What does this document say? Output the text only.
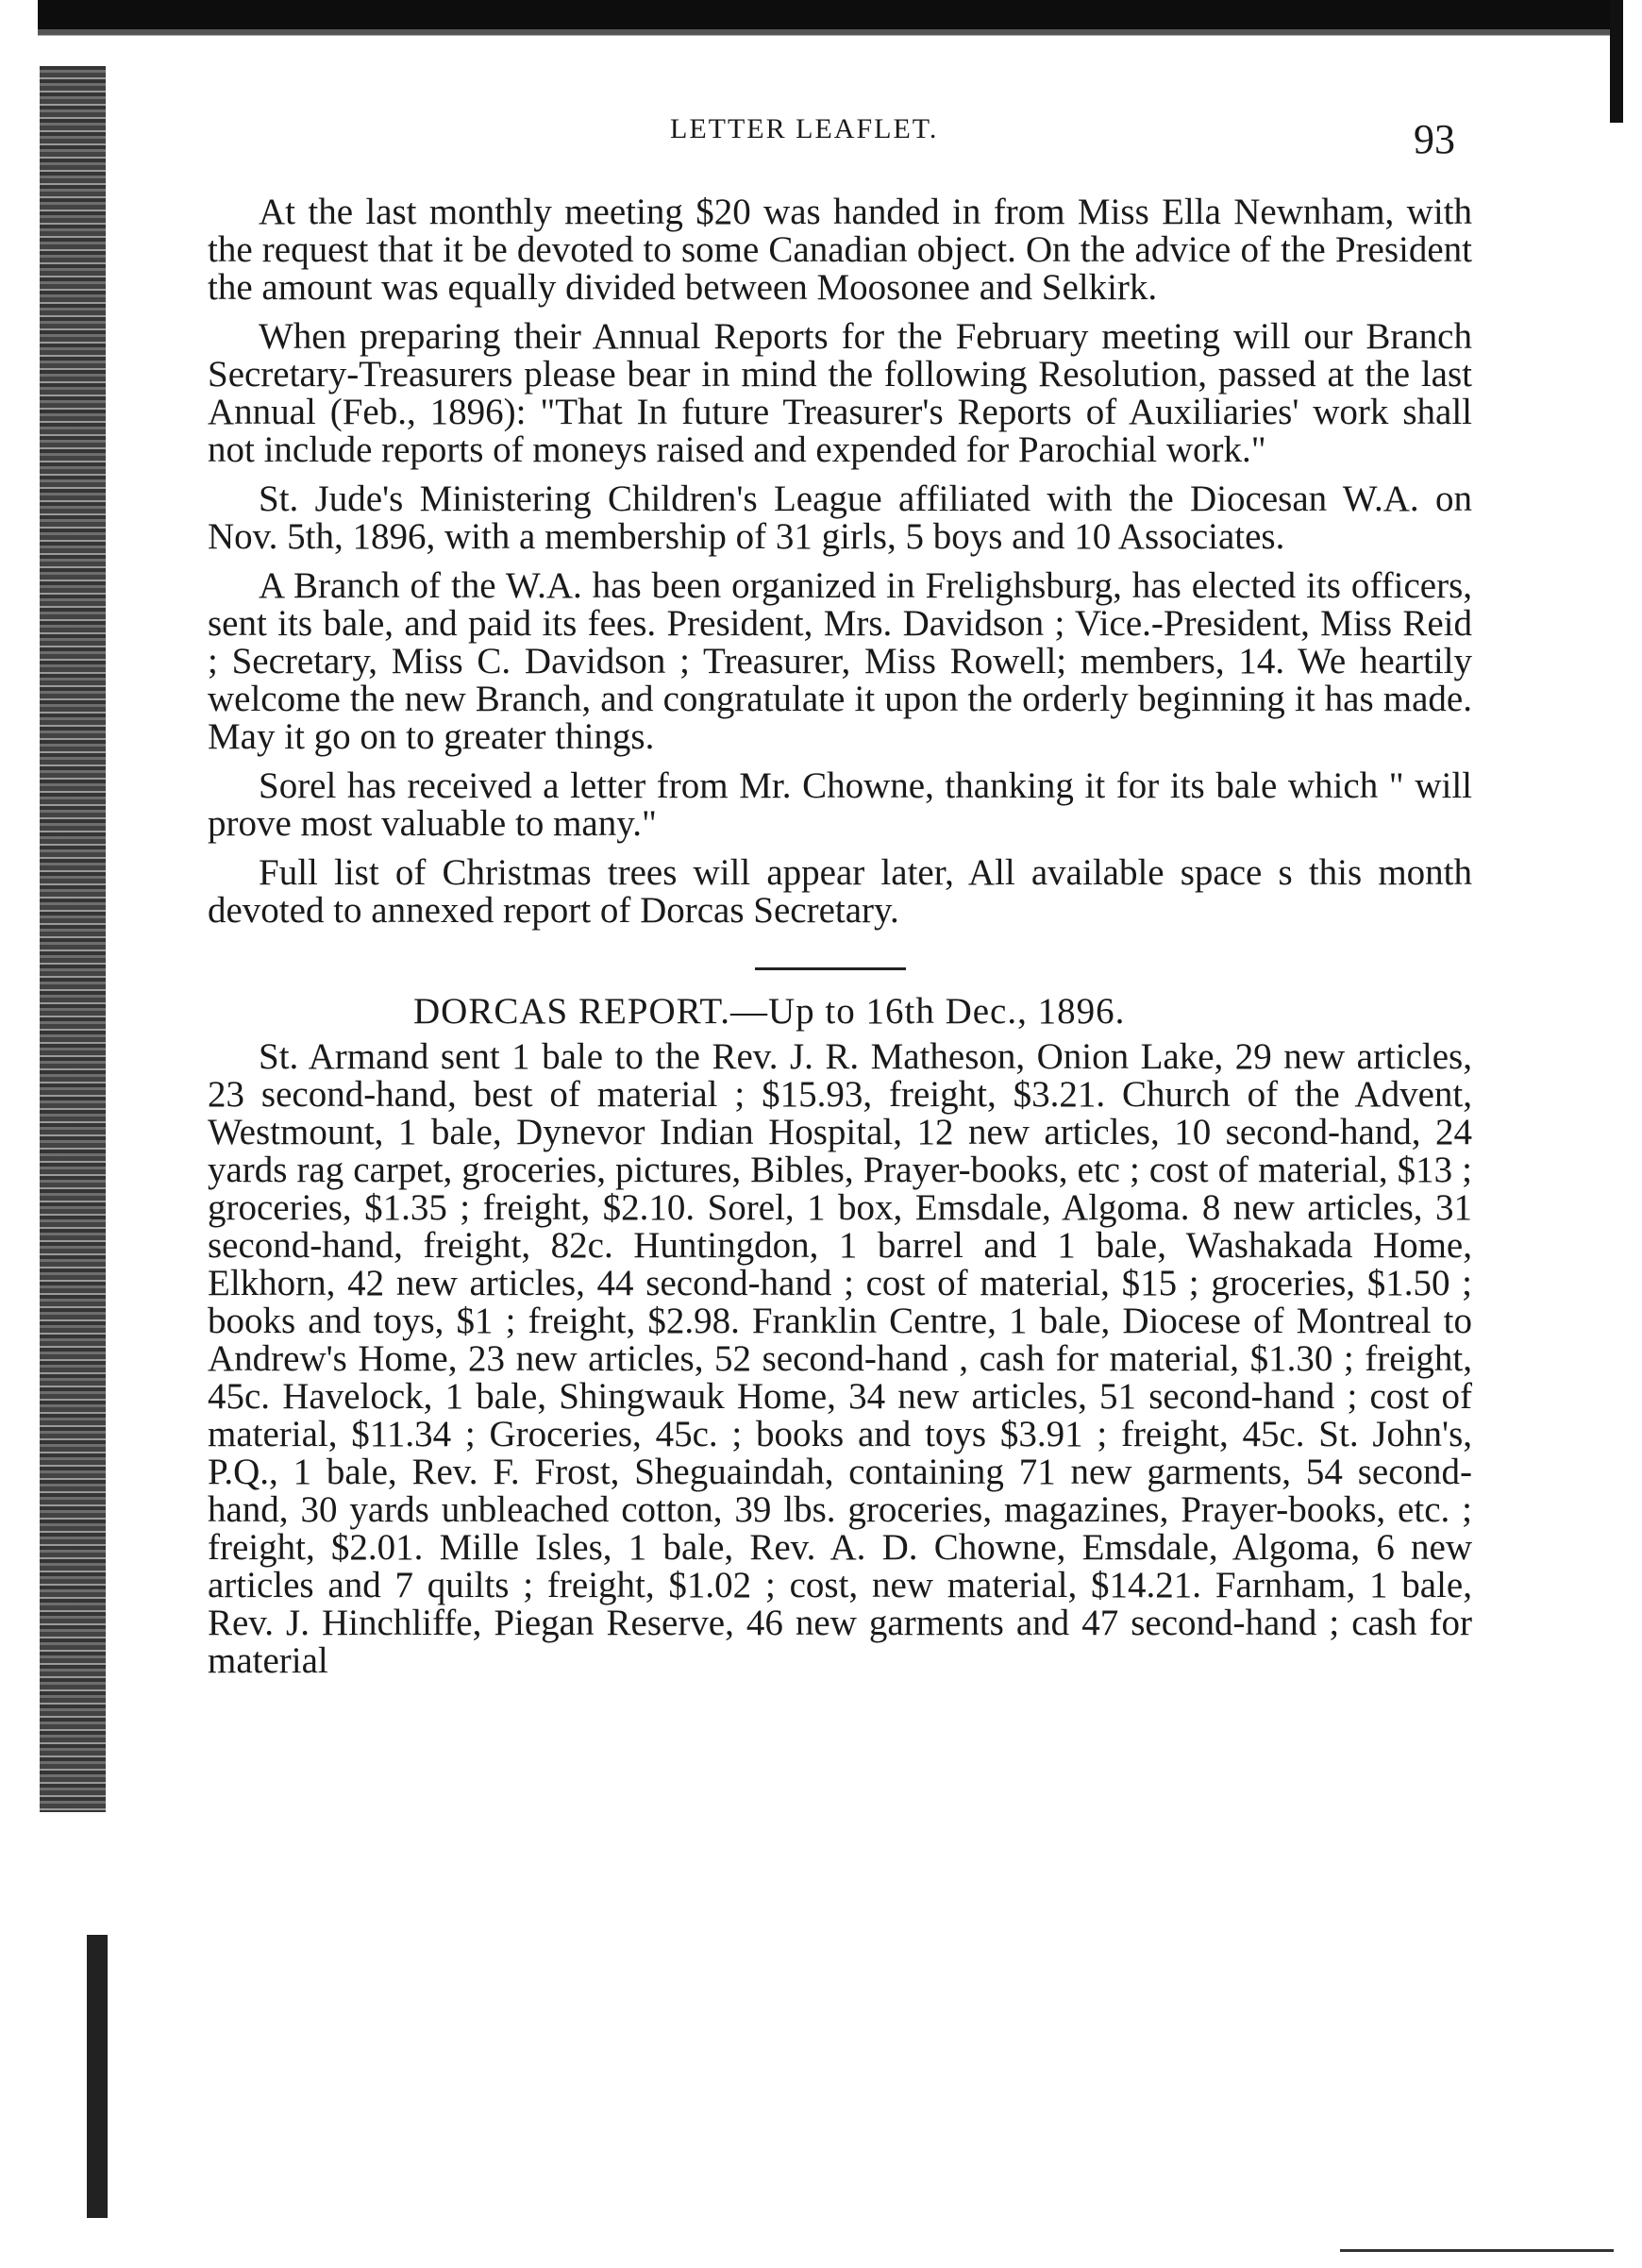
LETTER LEAFLET.	93

At the last monthly meeting $20 was handed in from Miss Ella Newnham, with the request that it be devoted to some Canadian object. On the advice of the President the amount was equally divided between Moosonee and Selkirk.

When preparing their Annual Reports for the February meeting will our Branch Secretary-Treasurers please bear in mind the following Resolution, passed at the last Annual (Feb., 1896): "That In future Treasurer's Reports of Auxiliaries' work shall not include reports of moneys raised and expended for Parochial work."

St. Jude's Ministering Children's League affiliated with the Diocesan W.A. on Nov. 5th, 1896, with a membership of 31 girls, 5 boys and 10 Associates.

A Branch of the W.A. has been organized in Frelighsburg, has elected its officers, sent its bale, and paid its fees. President, Mrs. Davidson ; Vice.-President, Miss Reid ; Secretary, Miss C. Davidson ; Treasurer, Miss Rowell; members, 14. We heartily welcome the new Branch, and congratulate it upon the orderly beginning it has made. May it go on to greater things.

Sorel has received a letter from Mr. Chowne, thanking it for its bale which " will prove most valuable to many."

Full list of Christmas trees will appear later, All available space s this month devoted to annexed report of Dorcas Secretary.

DORCAS REPORT.—Up to 16th Dec., 1896.

St. Armand sent 1 bale to the Rev. J. R. Matheson, Onion Lake, 29 new articles, 23 second-hand, best of material ; $15.93, freight, $3.21. Church of the Advent, Westmount, 1 bale, Dynevor Indian Hospital, 12 new articles, 10 second-hand, 24 yards rag carpet, groceries, pictures, Bibles, Prayer-books, etc ; cost of material, $13 ; groceries, $1.35 ; freight, $2.10. Sorel, 1 box, Emsdale, Algoma. 8 new articles, 31 second-hand, freight, 82c. Huntingdon, 1 barrel and 1 bale, Washakada Home, Elkhorn, 42 new articles, 44 second-hand ; cost of material, $15 ; groceries, $1.50 ; books and toys, $1 ; freight, $2.98. Franklin Centre, 1 bale, Diocese of Montreal to Andrew's Home, 23 new articles, 52 second-hand , cash for material, $1.30 ; freight, 45c. Havelock, 1 bale, Shingwauk Home, 34 new articles, 51 second-hand ; cost of material, $11.34 ; Groceries, 45c. ; books and toys $3.91 ; freight, 45c. St. John's, P.Q., 1 bale, Rev. F. Frost, Sheguaindah, containing 71 new garments, 54 second-hand, 30 yards unbleached cotton, 39 lbs. groceries, magazines, Prayer-books, etc. ; freight, $2.01. Mille Isles, 1 bale, Rev. A. D. Chowne, Emsdale, Algoma, 6 new articles and 7 quilts ; freight, $1.02 ; cost, new material, $14.21. Farnham, 1 bale, Rev. J. Hinchliffe, Piegan Reserve, 46 new garments and 47 second-hand ; cash for material
